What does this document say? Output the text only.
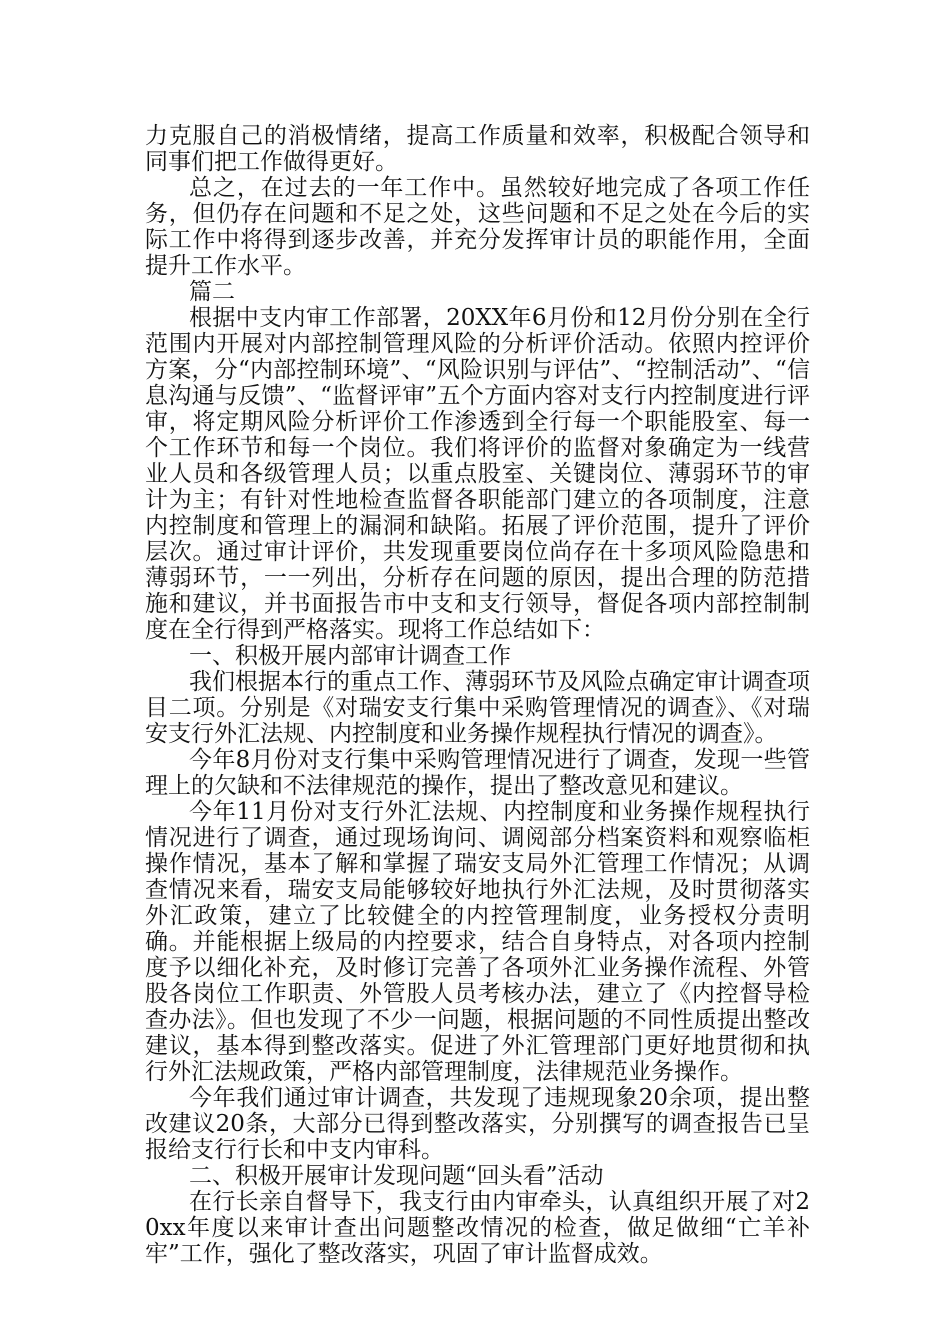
力克服自己的消极情绪，提高工作质量和效率，积极配合领导和同事们把工作做得更好。

总之，在过去的一年工作中。虽然较好地完成了各项工作任务，但仍存在问题和不足之处，这些问题和不足之处在今后的实际工作中将得到逐步改善，并充分发挥审计员的职能作用，全面提升工作水平。

篇二

根据中支内审工作部署，20XX年6月份和12月份分别在全行范围内开展对内部控制管理风险的分析评价活动。依照内控评价方案，分“内部控制环境”、“风险识别与评估”、“控制活动”、“信息沟通与反馈”、“监督评审”五个方面内容对支行内控制度进行评审，将定期风险分析评价工作渗透到全行每一个职能股室、每一个工作环节和每一个岗位。我们将评价的监督对象确定为一线营业人员和各级管理人员；以重点股室、关键岗位、薄弱环节的审计为主；有针对性地检查监督各职能部门建立的各项制度，注意内控制度和管理上的漏洞和缺陷。拓展了评价范围，提升了评价层次。通过审计评价，共发现重要岗位尚存在十多项风险隐患和薄弱环节，一一列出，分析存在问题的原因，提出合理的防范措施和建议，并书面报告市中支和支行领导，督促各项内部控制制度在全行得到严格落实。现将工作总结如下：

一、积极开展内部审计调查工作

我们根据本行的重点工作、薄弱环节及风险点确定审计调查项目二项。分别是《对瑞安支行集中采购管理情况的调查》、《对瑞安支行外汇法规、内控制度和业务操作规程执行情况的调查》。

今年8月份对支行集中采购管理情况进行了调查，发现一些管理上的欠缺和不法律规范的操作，提出了整改意见和建议。

今年11月份对支行外汇法规、内控制度和业务操作规程执行情况进行了调查，通过现场询问、调阅部分档案资料和观察临柜操作情况，基本了解和掌握了瑞安支局外汇管理工作情况；从调查情况来看，瑞安支局能够较好地执行外汇法规，及时贯彻落实外汇政策，建立了比较健全的内控管理制度，业务授权分责明确。并能根据上级局的内控要求，结合自身特点，对各项内控制度予以细化补充，及时修订完善了各项外汇业务操作流程、外管股各岗位工作职责、外管股人员考核办法，建立了《内控督导检查办法》。但也发现了不少一问题，根据问题的不同性质提出整改建议，基本得到整改落实。促进了外汇管理部门更好地贯彻和执行外汇法规政策，严格内部管理制度，法律规范业务操作。

今年我们通过审计调查，共发现了违规现象20余项，提出整改建议20条，大部分已得到整改落实，分别撰写的调查报告已呈报给支行行长和中支内审科。

二、积极开展审计发现问题“回头看”活动

在行长亲自督导下，我支行由内审牵头，认真组织开展了对20xx年度以来审计查出问题整改情况的检查，做足做细“亡羊补牢”工作，强化了整改落实，巩固了审计监督成效。
